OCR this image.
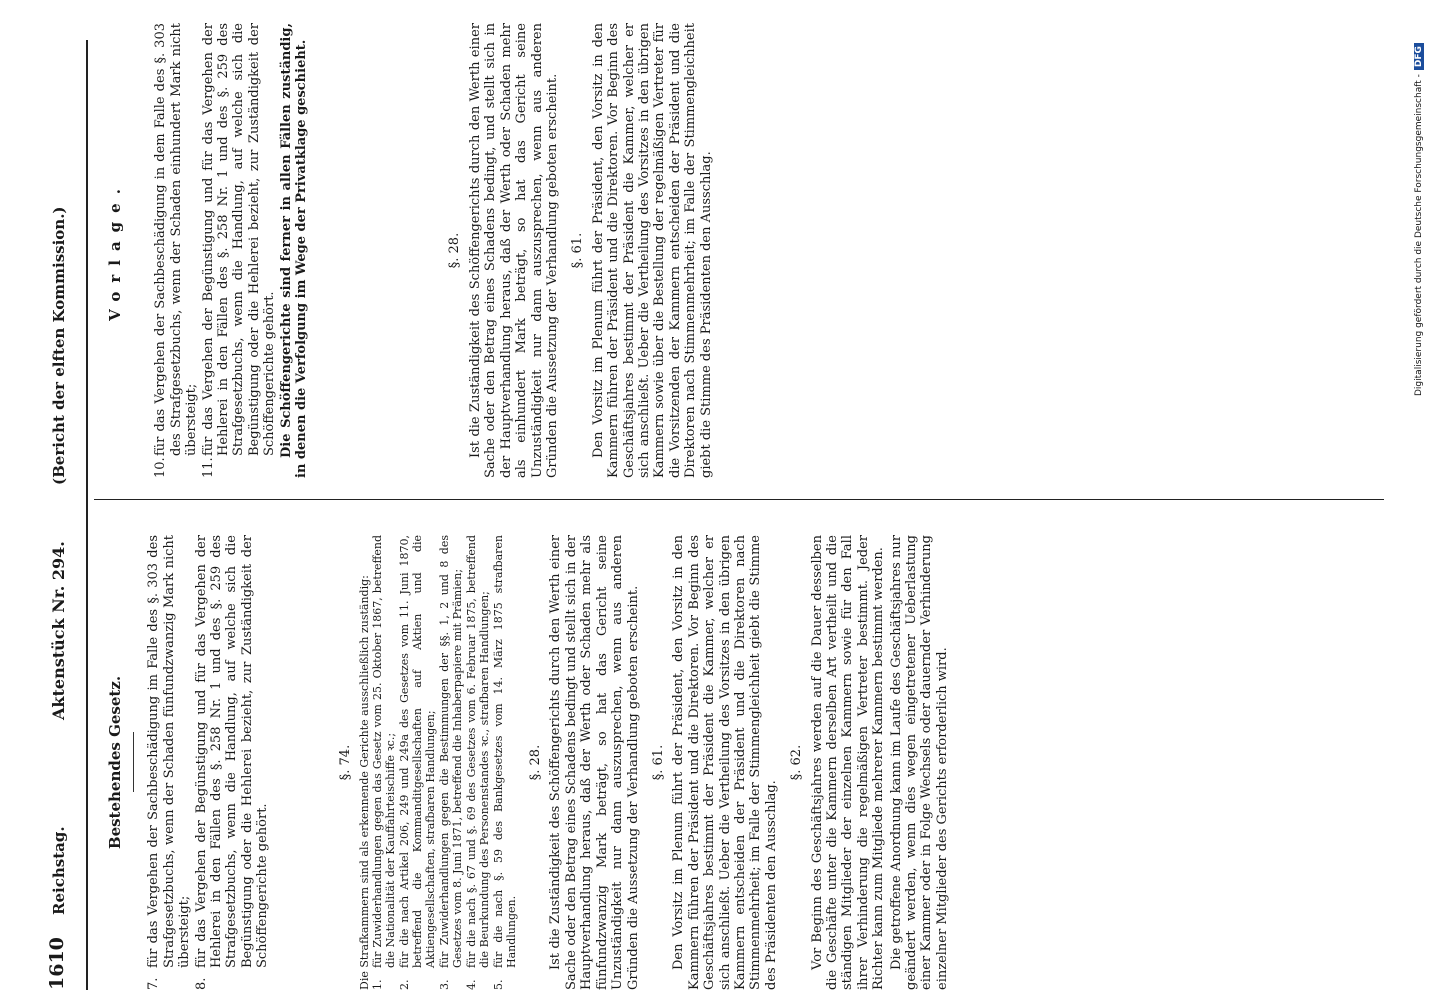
1610
Reichstag.
Aktenstück Nr. 294.
(Bericht der elften Kommission.)
Bestehendes Gesetz.
7.
für das Vergehen der Sachbeschädigung im Falle des §. 303 des Strafgesetzbuchs, wenn der Schaden fünfundzwanzig Mark nicht übersteigt;
8.
für das Vergehen der Begünstigung und für das Vergehen der Hehlerei in den Fällen des §. 258 Nr. 1 und des §. 259 des Strafgesetzbuchs, wenn die Handlung, auf welche sich die Begünstigung oder die Hehlerei bezieht, zur Zuständigkeit der Schöffengerichte gehört.
§. 74. Die Strafkammern sind als erkennende Gerichte ausschließlich zuständig: 1.
für Zuwiderhandlungen gegen das Gesetz vom 25. Oktober 1867, betreffend die Nationalität der Kauffahrteischiffe ꝛc.;
2.
für die nach Artikel 206, 249 und 249a des Gesetzes vom 11. Juni 1870, betreffend die Kommanditgesellschaften auf Aktien und die Aktiengesellschaften, strafbaren Handlungen;
3.
für Zuwiderhandlungen gegen die Bestimmungen der §§. 1, 2 und 8 des Gesetzes vom 8. Juni 1871, betreffend die Inhaberpapiere mit Prämien;
4.
für die nach §. 67 und §. 69 des Gesetzes vom 6. Februar 1875, betreffend die Beurkundung des Personenstandes ꝛc., strafbaren Handlungen;
5.
für die nach §. 59 des Bankgesetzes vom 14. März 1875 strafbaren Handlungen.
§. 28. Ist die Zuständigkeit des Schöffengerichts durch den Werth einer Sache oder den Betrag eines Schadens bedingt und stellt sich in der Hauptverhandlung heraus, daß der Werth oder Schaden mehr als fünfundzwanzig Mark beträgt, so hat das Gericht seine Unzuständigkeit nur dann auszusprechen, wenn aus anderen Gründen die Aussetzung der Verhandlung geboten erscheint. §. 61. Den Vorsitz im Plenum führt der Präsident, den Vorsitz in den Kammern führen der Präsident und die Direktoren. Vor Beginn des Geschäftsjahres bestimmt der Präsident die Kammer, welcher er sich anschließt. Ueber die Vertheilung des Vorsitzes in den übrigen Kammern entscheiden der Präsident und die Direktoren nach Stimmenmehrheit; im Falle der Stimmengleichheit giebt die Stimme des Präsidenten den Ausschlag.
§. 62. Vor Beginn des Geschäftsjahres werden auf die Dauer desselben die Geschäfte unter die Kammern derselben Art vertheilt und die ständigen Mitglieder der einzelnen Kammern sowie für den Fall ihrer Verhinderung die regelmäßigen Vertreter bestimmt. Jeder Richter kann zum Mitgliede mehrerer Kammern bestimmt werden. Die getroffene Anordnung kann im Laufe des Geschäftsjahres nur geändert werden, wenn dies wegen eingetretener Ueberlastung einer Kammer oder in Folge Wechsels oder dauernder Verhinderung einzelner Mitglieder des Gerichts erforderlich wird.
Vorlage.
10.
für das Vergehen der Sachbeschädigung in dem Falle des §. 303 des Strafgesetzbuchs, wenn der Schaden einhundert Mark nicht übersteigt;
11.
für das Vergehen der Begünstigung und für das Vergehen der Hehlerei in den Fällen des §. 258 Nr. 1 und des §. 259 des Strafgesetzbuchs, wenn die Handlung, auf welche sich die Begünstigung oder die Hehlerei bezieht, zur Zuständigkeit der Schöffengerichte gehört. Die Schöffengerichte sind ferner in allen Fällen zuständig, in denen die Verfolgung im Wege der Privatklage geschieht.	§. 28. Ist die Zuständigkeit des Schöffengerichts durch den Werth einer Sache oder den Betrag eines Schadens bedingt, und stellt sich in der Hauptverhandlung heraus, daß der Werth oder Schaden mehr als einhundert Mark beträgt, so hat das Gericht seine Unzuständigkeit nur dann auszusprechen, wenn aus anderen Gründen die Aussetzung der Verhandlung geboten erscheint. §. 61. Den Vorsitz im Plenum führt der Präsident, den Vorsitz in den Kammern führen der Präsident und die Direktoren. Vor Beginn des Geschäftsjahres bestimmt der Präsident die Kammer, welcher er sich anschließt. Ueber die Vertheilung des Vorsitzes in den übrigen Kammern sowie über die Bestellung der regelmäßigen Vertreter für die Vorsitzenden der Kammern entscheiden der Präsident und die Direktoren nach Stimmenmehrheit; im Falle der Stimmengleichheit giebt die Stimme des Präsidenten den Ausschlag.	Digitalisierung gefördert durch die Deutsche Forschungsgemeinschaft -DFG
